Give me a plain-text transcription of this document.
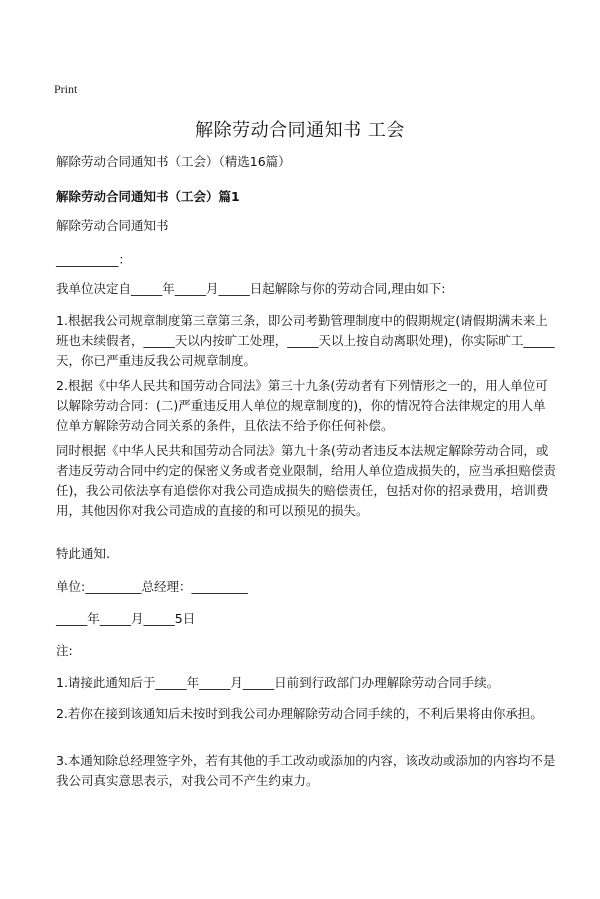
Print
解除劳动合同通知书 工会

解除劳动合同通知书（工会）（精选16篇）

解除劳动合同通知书（工会）篇1

解除劳动合同通知书

__________：

我单位决定自_____年_____月_____日起解除与你的劳动合同,理由如下:

1.根据我公司规章制度第三章第三条，即公司考勤管理制度中的假期规定(请假期满未来上班也未续假者，_____天以内按旷工处理，_____天以上按自动离职处理)，你实际旷工_____天，你已严重违反我公司规章制度。

2.根据《中华人民共和国劳动合同法》第三十九条(劳动者有下列情形之一的，用人单位可以解除劳动合同：(二)严重违反用人单位的规章制度的)，你的情况符合法律规定的用人单位单方解除劳动合同关系的条件，且依法不给予你任何补偿。

同时根据《中华人民共和国劳动合同法》第九十条(劳动者违反本法规定解除劳动合同，或者违反劳动合同中约定的保密义务或者竞业限制，给用人单位造成损失的，应当承担赔偿责任)，我公司依法享有追偿你对我公司造成损失的赔偿责任，包括对你的招录费用，培训费用，其他因你对我公司造成的直接的和可以预见的损失。

特此通知.

单位:_________总经理：_________

_____年_____月_____5日

注:

1.请接此通知后于_____年_____月_____日前到行政部门办理解除劳动合同手续。

2.若你在接到该通知后未按时到我公司办理解除劳动合同手续的，不利后果将由你承担。

3.本通知除总经理签字外，若有其他的手工改动或添加的内容，该改动或添加的内容均不是我公司真实意思表示，对我公司不产生约束力。
